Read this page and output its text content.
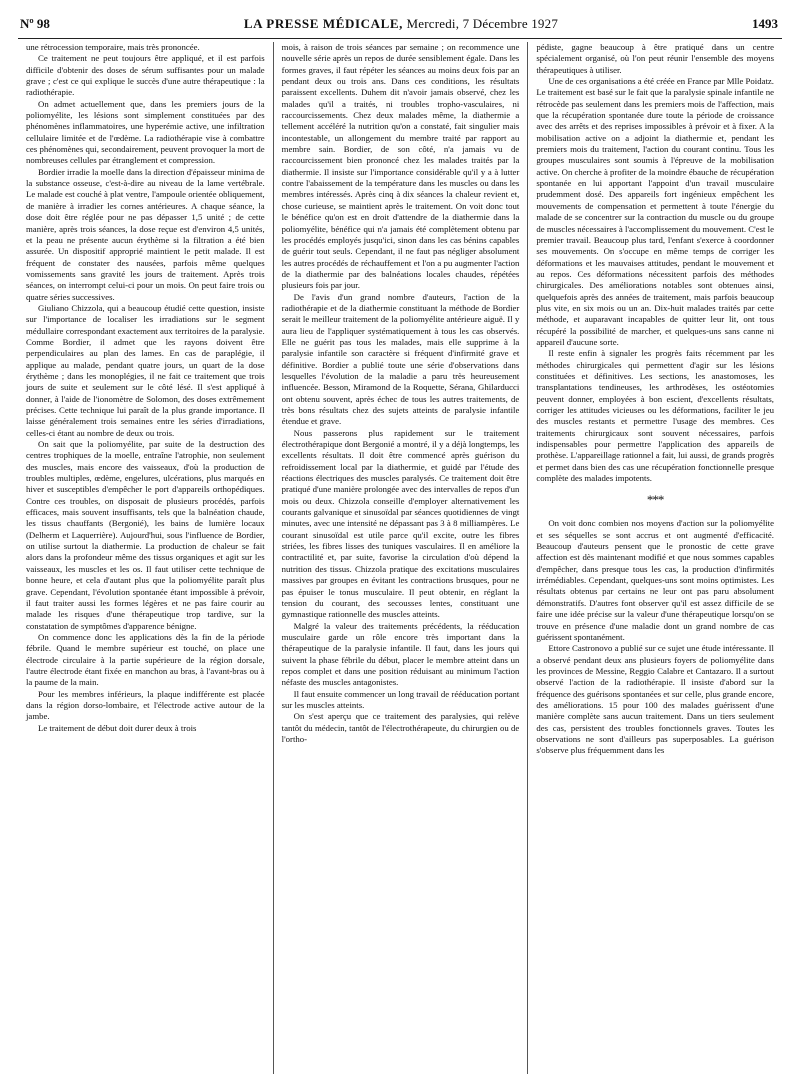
Nº 98	LA PRESSE MÉDICALE, Mercredi, 7 Décembre 1927	1493

une rétrocession temporaire, mais très prononcée.

Ce traitement ne peut toujours être appliqué, et il est parfois difficile d'obtenir des doses de sérum suffisantes pour un malade grave ; c'est ce qui explique le succès d'une autre thérapeutique : la radiothérapie.

On admet actuellement que, dans les premiers jours de la poliomyélite, les lésions sont simplement constituées par des phénomènes inflammatoires, une hyperémie active, une infiltration cellulaire limitée et de l'œdème. La radiothérapie vise à combattre ces phénomènes qui, secondairement, peuvent provoquer la mort de nombreuses cellules par étranglement et compression.

Bordier irradie la moelle dans la direction d'épaisseur minima de la substance osseuse, c'est-à-dire au niveau de la lame vertébrale. Le malade est couché à plat ventre, l'ampoule orientée obliquement, de manière à irradier les cornes antérieures. A chaque séance, la dose doit être réglée pour ne pas dépasser 1,5 unité ; de cette manière, après trois séances, la dose reçue est d'environ 4,5 unités, et la peau ne présente aucun érythème si la filtration a été bien assurée. Un dispositif approprié maintient le petit malade. Il est fréquent de constater des nausées, parfois même quelques vomissements sans gravité les jours de traitement. Après trois séances, on interrompt celui-ci pour un mois. On peut faire trois ou quatre séries successives.

Giuliano Chizzola, qui a beaucoup étudié cette question, insiste sur l'importance de localiser les irradiations sur le segment médullaire correspondant exactement aux territoires de la paralysie. Comme Bordier, il admet que les rayons doivent être perpendiculaires au plan des lames. En cas de paraplégie, il applique au malade, pendant quatre jours, un quart de la dose érythème ; dans les monoplégies, il ne fait ce traitement que trois jours de suite et seulement sur le côté lésé. Il s'est appliqué à donner, à l'aide de l'ionomètre de Solomon, des doses extrêmement précises. Cette technique lui paraît de la plus grande importance. Il laisse généralement trois semaines entre les séries d'irradiations, celles-ci étant au nombre de deux ou trois.

On sait que la poliomyélite, par suite de la destruction des centres trophiques de la moelle, entraîne l'atrophie, non seulement des muscles, mais encore des vaisseaux, d'où la production de troubles multiples, œdème, engelures, ulcérations, plus marqués en hiver et susceptibles d'empêcher le port d'appareils orthopédiques. Contre ces troubles, on disposait de plusieurs procédés, parfois efficaces, mais souvent insuffisants, tels que la balnéation chaude, les tissus chauffants (Bergonié), les bains de lumière locaux (Delherm et Laquerrière). Aujourd'hui, sous l'influence de Bordier, on utilise surtout la diathermie. La production de chaleur se fait alors dans la profondeur même des tissus organiques et agit sur les vaisseaux, les muscles et les os. Il faut utiliser cette technique de bonne heure, et cela d'autant plus que la poliomyélite paraît plus grave. Cependant, l'évolution spontanée étant impossible à prévoir, il faut traiter aussi les formes légères et ne pas faire courir au malade les risques d'une thérapeutique trop tardive, sur la constatation de symptômes d'apparence bénigne.

On commence donc les applications dès la fin de la période fébrile. Quand le membre supérieur est touché, on place une électrode circulaire à la partie supérieure de la région dorsale, l'autre électrode étant fixée en manchon au bras, à l'avant-bras ou à la paume de la main.

Pour les membres inférieurs, la plaque indifférente est placée dans la région dorso-lombaire, et l'électrode active autour de la jambe.

Le traitement de début doit durer deux à trois

mois, à raison de trois séances par semaine ; on recommence une nouvelle série après un repos de durée sensiblement égale. Dans les formes graves, il faut répéter les séances au moins deux fois par an pendant deux ou trois ans. Dans ces conditions, les résultats paraissent excellents. Duhem dit n'avoir jamais observé, chez les malades qu'il a traités, ni troubles tropho-vasculaires, ni raccourcissements. Chez deux malades même, la diathermie a tellement accéléré la nutrition qu'on a constaté, fait singulier mais incontestable, un allongement du membre traité par rapport au membre sain. Bordier, de son côté, n'a jamais vu de raccourcissement bien prononcé chez les malades traités par la diathermie. Il insiste sur l'importance considérable qu'il y a à lutter contre l'abaissement de la température dans les muscles ou dans les membres intéressés. Après cinq à dix séances la chaleur revient et, chose curieuse, se maintient après le traitement. On voit donc tout le bénéfice qu'on est en droit d'attendre de la diathermie dans la poliomyélite, bénéfice qui n'a jamais été complètement obtenu par les procédés employés jusqu'ici, sinon dans les cas bénins capables de guérir tout seuls. Cependant, il ne faut pas négliger absolument les autres procédés de réchauffement et l'on a pu augmenter l'action de la diathermie par des balnéations locales chaudes, répétées plusieurs fois par jour.

De l'avis d'un grand nombre d'auteurs, l'action de la radiothérapie et de la diathermie constituant la méthode de Bordier serait le meilleur traitement de la poliomyélite antérieure aiguë. Il y aura lieu de l'appliquer systématiquement à tous les cas observés. Elle ne guérit pas tous les malades, mais elle supprime à la paralysie infantile son caractère si fréquent d'infirmité grave et définitive. Bordier a publié toute une série d'observations dans lesquelles l'évolution de la maladie a paru très heureusement influencée. Besson, Miramond de la Roquette, Sérana, Ghilarducci ont obtenu souvent, après échec de tous les autres traitements, de très bons résultats chez des sujets atteints de paralysie infantile étendue et grave.

Nous passerons plus rapidement sur le traitement électrothérapique dont Bergonié a montré, il y a déjà longtemps, les excellents résultats. Il doit être commencé après guérison du refroidissement local par la diathermie, et guidé par l'étude des réactions électriques des muscles paralysés. Ce traitement doit être pratiqué d'une manière prolongée avec des intervalles de repos d'un mois ou deux. Chizzola conseille d'employer alternativement les courants galvanique et sinusoïdal par séances quotidiennes de vingt minutes, avec une intensité ne dépassant pas 3 à 8 milliampères. Le courant sinusoïdal est utile parce qu'il excite, outre les fibres striées, les fibres lisses des tuniques vasculaires. Il en améliore la contractilité et, par suite, favorise la circulation d'où dépend la nutrition des tissus. Chizzola pratique des excitations musculaires massives par groupes en évitant les contractions brusques, pour ne pas épuiser le tonus musculaire. Il peut obtenir, en réglant la tension du courant, des secousses lentes, constituant une gymnastique rationnelle des muscles atteints.

Malgré la valeur des traitements précédents, la rééducation musculaire garde un rôle encore très important dans la thérapeutique de la paralysie infantile. Il faut, dans les jours qui suivent la phase fébrile du début, placer le membre atteint dans un repos complet et dans une position réduisant au minimum l'action néfaste des muscles antagonistes.

Il faut ensuite commencer un long travail de rééducation portant sur les muscles atteints.

On s'est aperçu que ce traitement des paralysies, qui relève tantôt du médecin, tantôt de l'électrothérapeute, du chirurgien ou de l'ortho-

pédiste, gagne beaucoup à être pratiqué dans un centre spécialement organisé, où l'on peut réunir l'ensemble des moyens thérapeutiques à utiliser.

Une de ces organisations a été créée en France par Mlle Poidatz. Le traitement est basé sur le fait que la paralysie spinale infantile ne rétrocède pas seulement dans les premiers mois de l'affection, mais que la récupération spontanée dure toute la période de croissance avec des arrêts et des reprises impossibles à prévoir et à fixer. A la mobilisation active on a adjoint la diathermie et, pendant les premiers mois du traitement, l'action du courant continu. Tous les groupes musculaires sont soumis à l'épreuve de la mobilisation active. On cherche à profiter de la moindre ébauche de récupération spontanée en lui apportant l'appoint d'un travail musculaire prudemment dosé. Des appareils fort ingénieux empêchent les mouvements de compensation et permettent à toute l'énergie du malade de se concentrer sur la contraction du muscle ou du groupe de muscles nécessaires à l'accomplissement du mouvement. C'est le premier travail. Beaucoup plus tard, l'enfant s'exerce à coordonner ses mouvements. On s'occupe en même temps de corriger les déformations et les mauvaises attitudes, pendant le mouvement et au repos. Ces déformations nécessitent parfois des méthodes chirurgicales. Des améliorations notables sont obtenues ainsi, quelquefois après des années de traitement, mais parfois beaucoup plus vite, en six mois ou un an. Dix-huit malades traités par cette méthode, et auparavant incapables de quitter leur lit, ont tous récupéré la possibilité de marcher, et quelques-uns sans canne ni appareil d'aucune sorte.

Il reste enfin à signaler les progrès faits récemment par les méthodes chirurgicales qui permettent d'agir sur les lésions constituées et définitives. Les sections, les anastomoses, les transplantations tendineuses, les arthrodèses, les ostéotomies peuvent donner, employées à bon escient, d'excellents résultats, corriger les attitudes vicieuses ou les déformations, faciliter le jeu des muscles restants et permettre l'usage des membres. Ces traitements chirurgicaux sont souvent nécessaires, parfois indispensables pour permettre l'application des appareils de prothèse. L'appareillage rationnel a fait, lui aussi, de grands progrès et permet dans bien des cas une récupération fonctionnelle presque complète des malades impotents.

***

On voit donc combien nos moyens d'action sur la poliomyélite et ses séquelles se sont accrus et ont augmenté d'efficacité. Beaucoup d'auteurs pensent que le pronostic de cette grave affection est dès maintenant modifié et que nous sommes capables d'empêcher, dans presque tous les cas, la production d'infirmités irrémédiables. Cependant, quelques-uns sont moins optimistes. Les résultats obtenus par certains ne leur ont pas paru absolument démonstratifs. D'autres font observer qu'il est assez difficile de se faire une idée précise sur la valeur d'une thérapeutique lorsqu'on se trouve en présence d'une maladie dont un grand nombre de cas guérissent spontanément.

Ettore Castronovo a publié sur ce sujet une étude intéressante. Il a observé pendant deux ans plusieurs foyers de poliomyélite dans les provinces de Messine, Reggio Calabre et Cantazaro. Il a surtout observé l'action de la radiothérapie. Il insiste d'abord sur la fréquence des guérisons spontanées et sur celle, plus grande encore, des améliorations. 15 pour 100 des malades guérissent d'une manière complète sans aucun traitement. Dans un tiers seulement des cas, persistent des troubles fonctionnels graves. Toutes les observations ne sont d'ailleurs pas superposables. La guérison s'observe plus fréquemment dans les
